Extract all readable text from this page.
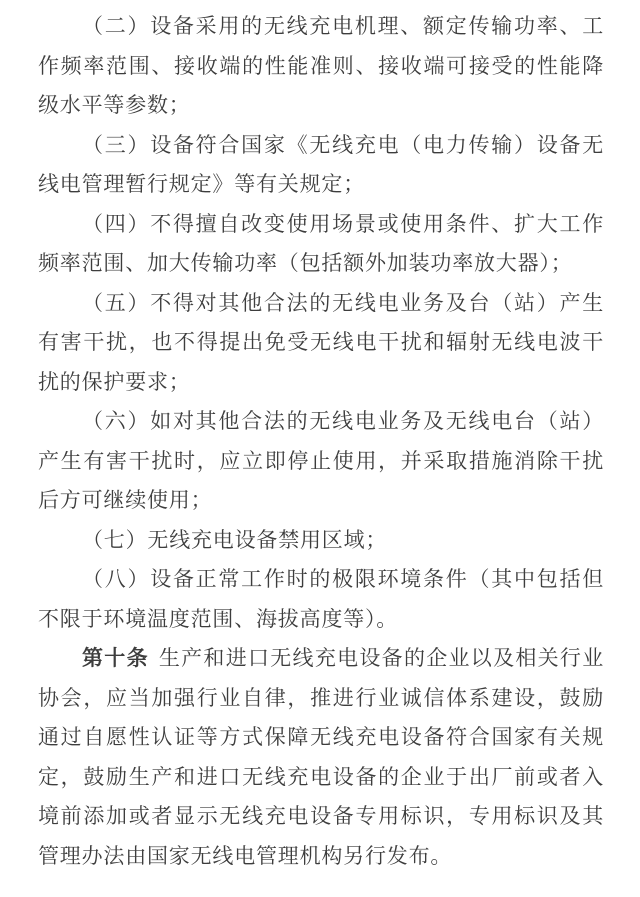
（二）设备采用的无线充电机理、额定传输功率、工作频率范围、接收端的性能准则、接收端可接受的性能降级水平等参数；

（三）设备符合国家《无线充电（电力传输）设备无线电管理暂行规定》等有关规定；

（四）不得擅自改变使用场景或使用条件、扩大工作频率范围、加大传输功率（包括额外加装功率放大器）；

（五）不得对其他合法的无线电业务及台（站）产生有害干扰，也不得提出免受无线电干扰和辐射无线电波干扰的保护要求；

（六）如对其他合法的无线电业务及无线电台（站）产生有害干扰时，应立即停止使用，并采取措施消除干扰后方可继续使用；

（七）无线充电设备禁用区域；

（八）设备正常工作时的极限环境条件（其中包括但不限于环境温度范围、海拔高度等）。

第十条 生产和进口无线充电设备的企业以及相关行业协会，应当加强行业自律，推进行业诚信体系建设，鼓励通过自愿性认证等方式保障无线充电设备符合国家有关规定，鼓励生产和进口无线充电设备的企业于出厂前或者入境前添加或者显示无线充电设备专用标识，专用标识及其管理办法由国家无线电管理机构另行发布。
